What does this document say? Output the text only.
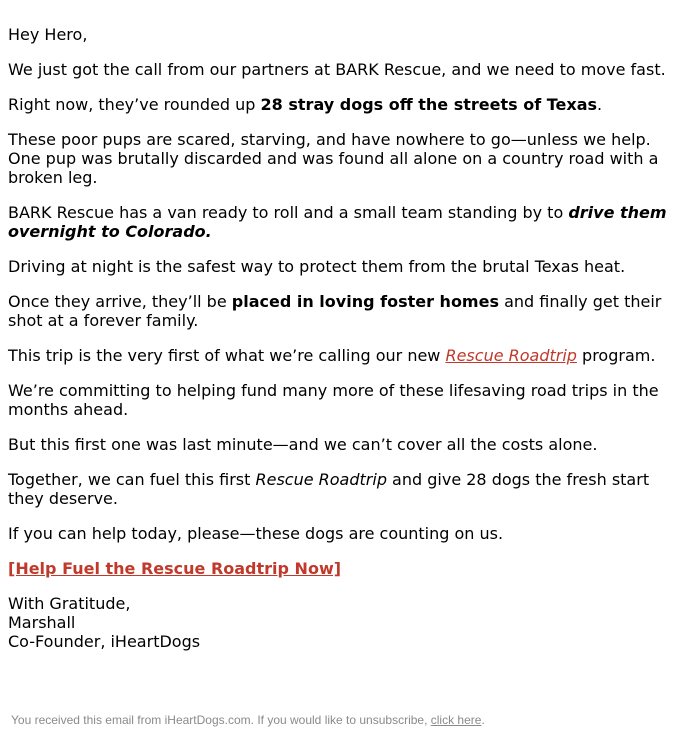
Hey Hero,

We just got the call from our partners at BARK Rescue, and we need to move fast.

Right now, they’ve rounded up 28 stray dogs off the streets of Texas.

These poor pups are scared, starving, and have nowhere to go—unless we help. One pup was brutally discarded and was found all alone on a country road with a broken leg.

BARK Rescue has a van ready to roll and a small team standing by to drive them overnight to Colorado.

Driving at night is the safest way to protect them from the brutal Texas heat.

Once they arrive, they’ll be placed in loving foster homes and finally get their shot at a forever family.

This trip is the very first of what we’re calling our new Rescue Roadtrip program.

We’re committing to helping fund many more of these lifesaving road trips in the months ahead.

But this first one was last minute—and we can’t cover all the costs alone.

Together, we can fuel this first Rescue Roadtrip and give 28 dogs the fresh start they deserve.

If you can help today, please—these dogs are counting on us.

[Help Fuel the Rescue Roadtrip Now]

With Gratitude,
Marshall
Co-Founder, iHeartDogs

You received this email from iHeartDogs.com. If you would like to unsubscribe, click here.
